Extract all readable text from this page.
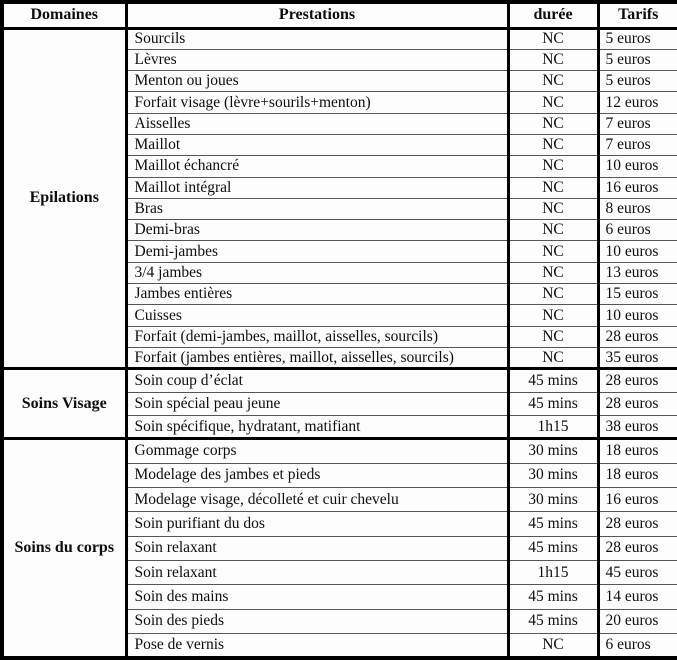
Domaines	Prestations	durée	Tarifs
Epilations	Sourcils	NC	5 euros
	Lèvres	NC	5 euros
	Menton ou joues	NC	5 euros
	Forfait visage (lèvre+sourils+menton)	NC	12 euros
	Aisselles	NC	7 euros
	Maillot	NC	7 euros
	Maillot échancré	NC	10 euros
	Maillot intégral	NC	16 euros
	Bras	NC	8 euros
	Demi-bras	NC	6 euros
	Demi-jambes	NC	10 euros
	3/4 jambes	NC	13 euros
	Jambes entières	NC	15 euros
	Cuisses	NC	10 euros
	Forfait (demi-jambes, maillot, aisselles, sourcils)	NC	28 euros
	Forfait (jambes entières, maillot, aisselles, sourcils)	NC	35 euros
Soins Visage	Soin coup d’éclat	45 mins	28 euros
	Soin spécial peau jeune	45 mins	28 euros
	Soin spécifique, hydratant, matifiant	1h15	38 euros
Soins du corps	Gommage corps	30 mins	18 euros
	Modelage des jambes et pieds	30 mins	18 euros
	Modelage visage, décolleté et cuir chevelu	30 mins	16 euros
	Soin purifiant du dos	45 mins	28 euros
	Soin relaxant	45 mins	28 euros
	Soin relaxant	1h15	45 euros
	Soin des mains	45 mins	14 euros
	Soin des pieds	45 mins	20 euros
	Pose de vernis	NC	6 euros
